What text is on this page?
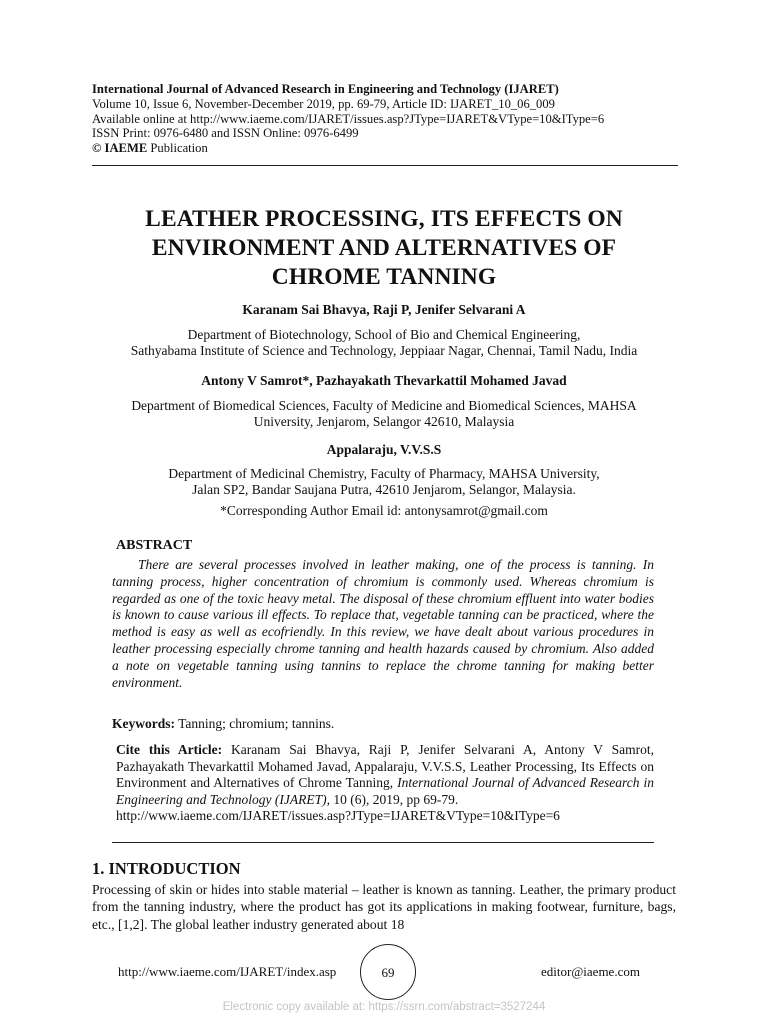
International Journal of Advanced Research in Engineering and Technology (IJARET)
Volume 10, Issue 6, November-December 2019, pp. 69-79, Article ID: IJARET_10_06_009
Available online at http://www.iaeme.com/IJARET/issues.asp?JType=IJARET&VType=10&IType=6
ISSN Print: 0976-6480 and ISSN Online: 0976-6499
© IAEME Publication
LEATHER PROCESSING, ITS EFFECTS ON
ENVIRONMENT AND ALTERNATIVES OF
CHROME TANNING
Karanam Sai Bhavya, Raji P, Jenifer Selvarani A
Department of Biotechnology, School of Bio and Chemical Engineering,
Sathyabama Institute of Science and Technology, Jeppiaar Nagar, Chennai, Tamil Nadu, India
Antony V Samrot*, Pazhayakath Thevarkattil Mohamed Javad
Department of Biomedical Sciences, Faculty of Medicine and Biomedical Sciences, MAHSA
University, Jenjarom, Selangor 42610, Malaysia
Appalaraju, V.V.S.S
Department of Medicinal Chemistry, Faculty of Pharmacy, MAHSA University,
Jalan SP2, Bandar Saujana Putra, 42610 Jenjarom, Selangor, Malaysia.
*Corresponding Author Email id: antonysamrot@gmail.com
ABSTRACT
There are several processes involved in leather making, one of the process is tanning. In tanning process, higher concentration of chromium is commonly used. Whereas chromium is regarded as one of the toxic heavy metal. The disposal of these chromium effluent into water bodies is known to cause various ill effects. To replace that, vegetable tanning can be practiced, where the method is easy as well as ecofriendly. In this review, we have dealt about various procedures in leather processing especially chrome tanning and health hazards caused by chromium. Also added a note on vegetable tanning using tannins to replace the chrome tanning for making better environment.
Keywords: Tanning; chromium; tannins.
Cite this Article: Karanam Sai Bhavya, Raji P, Jenifer Selvarani A, Antony V Samrot, Pazhayakath Thevarkattil Mohamed Javad, Appalaraju, V.V.S.S, Leather Processing, Its Effects on Environment and Alternatives of Chrome Tanning, International Journal of Advanced Research in Engineering and Technology (IJARET), 10 (6), 2019, pp 69-79.
http://www.iaeme.com/IJARET/issues.asp?JType=IJARET&VType=10&IType=6
1. INTRODUCTION
Processing of skin or hides into stable material – leather is known as tanning. Leather, the primary product from the tanning industry, where the product has got its applications in making footwear, furniture, bags, etc., [1,2]. The global leather industry generated about 18
http://www.iaeme.com/IJARET/index.asp	69	editor@iaeme.com
Electronic copy available at: https://ssrn.com/abstract=3527244
